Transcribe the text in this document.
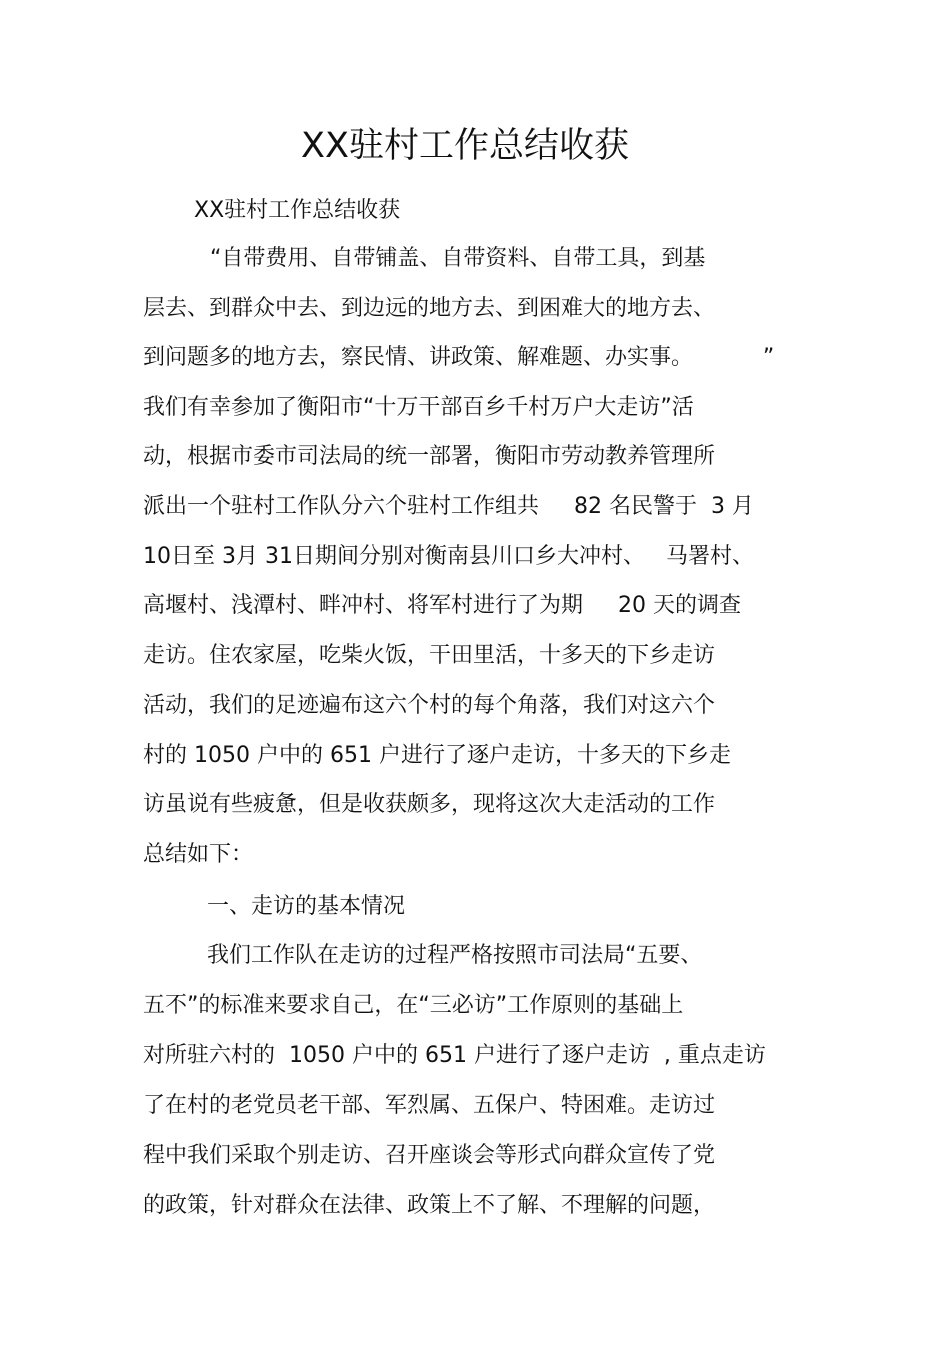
XX驻村工作总结收获
XX驻村工作总结收获
“自带费用、自带铺盖、自带资料、自带工具，到基
层去、到群众中去、到边远的地方去、到困难大的地方去、
到问题多的地方去，察民情、讲政策、解难题、办实事。          ”
我们有幸参加了衡阳市“十万干部百乡千村万户大走访”活
动，根据市委市司法局的统一部署，衡阳市劳动教养管理所
派出一个驻村工作队分六个驻村工作组共     82 名民警于  3 月
10日至 3月 31日期间分别对衡南县川口乡大冲村、   马署村、
高堰村、浅潭村、畔冲村、将军村进行了为期     20 天的调查
走访。住农家屋，吃柴火饭，干田里活，十多天的下乡走访
活动，我们的足迹遍布这六个村的每个角落，我们对这六个
村的 1050 户中的 651 户进行了逐户走访，十多天的下乡走
访虽说有些疲惫，但是收获颇多，现将这次大走活动的工作
总结如下：
一、走访的基本情况
我们工作队在走访的过程严格按照市司法局“五要、
五不”的标准来要求自己，在“三必访”工作原则的基础上
对所驻六村的  1050 户中的 651 户进行了逐户走访  , 重点走访
了在村的老党员老干部、军烈属、五保户、特困难。走访过
程中我们采取个别走访、召开座谈会等形式向群众宣传了党
的政策，针对群众在法律、政策上不了解、不理解的问题，
